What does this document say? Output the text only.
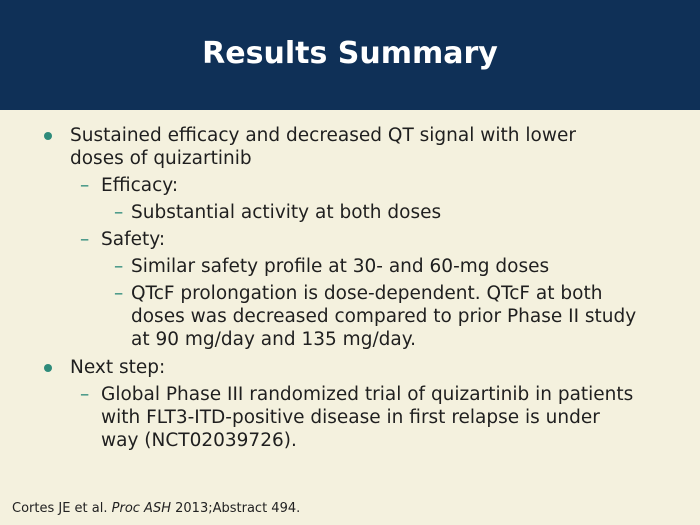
Results Summary
Sustained efficacy and decreased QT signal with lower doses of quizartinib
– Efficacy:
– Substantial activity at both doses
– Safety:
– Similar safety profile at 30- and 60-mg doses
– QTcF prolongation is dose-dependent. QTcF at both doses was decreased compared to prior Phase II study at 90 mg/day and 135 mg/day.
Next step:
– Global Phase III randomized trial of quizartinib in patients with FLT3-ITD-positive disease in first relapse is under way (NCT02039726).
Cortes JE et al. Proc ASH 2013;Abstract 494.
